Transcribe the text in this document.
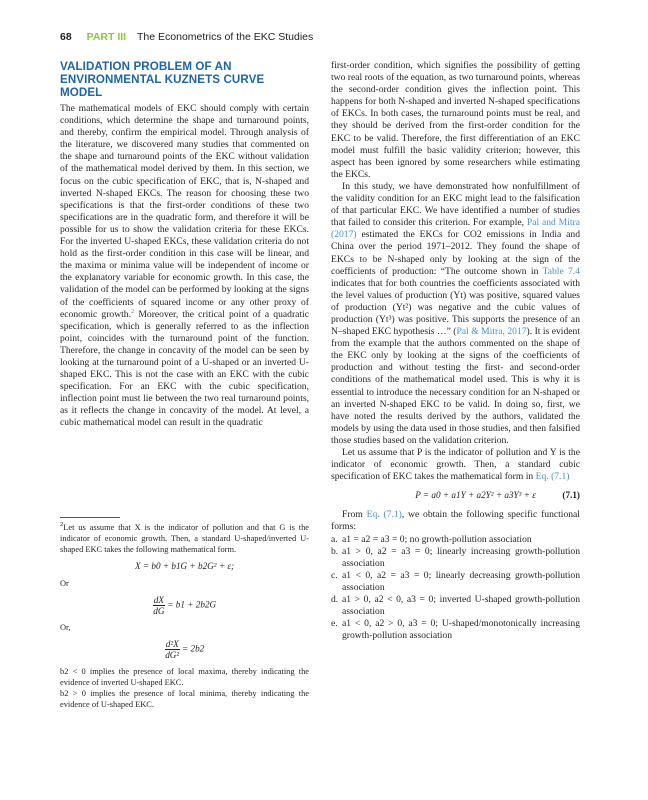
68 PART III The Econometrics of the EKC Studies
VALIDATION PROBLEM OF AN
ENVIRONMENTAL KUZNETS CURVE MODEL

The mathematical models of EKC should comply with certain conditions, which determine the shape and turnaround points, and thereby, confirm the empirical model. Through analysis of the literature, we discovered many studies that commented on the shape and turnaround points of the EKC without validation of the mathematical model derived by them. In this section, we focus on the cubic specification of EKC, that is, N-shaped and inverted N-shaped EKCs. The reason for choosing these two specifications is that the first-order conditions of these two specifications are in the quadratic form, and therefore it will be possible for us to show the validation criteria for these EKCs. For the inverted U-shaped EKCs, these validation criteria do not hold as the first-order condition in this case will be linear, and the maxima or minima value will be independent of income or the explanatory variable for economic growth. In this case, the validation of the model can be performed by looking at the signs of the coefficients of squared income or any other proxy of economic growth.$^2$ Moreover, the critical point of a quadratic specification, which is generally referred to as the inflection point, coincides with the turnaround point of the function. Therefore, the change in concavity of the model can be seen by looking at the turnaround point of a U-shaped or an inverted U-shaped EKC. This is not the case with an EKC with the cubic specification. For an EKC with the cubic specification, inflection point must lie between the two real turnaround points, as it reflects the change in concavity of the model. At level, a cubic mathematical model can result in the quadratic

$^2$Let us assume that X is the indicator of pollution and that G is the indicator of economic growth. Then, a standard U-shaped/inverted U-shaped EKC takes the following mathematical form.

X = b0 + b1G + b2G² + ε;
Or
$\frac{dX}{dG} = b1 + 2b2G$
Or,
$\frac{\text{d²X}}{\text{dG²}} = 2b2$

b2 < 0 implies the presence of local maxima, thereby indicating the evidence of inverted U-shaped EKC.

b2 > 0 implies the presence of local minima, thereby indicating the evidence of U-shaped EKC.

first-order condition, which signifies the possibility of getting two real roots of the equation, as two turnaround points, whereas the second-order condition gives the inflection point. This happens for both N-shaped and inverted N-shaped specifications of EKCs. In both cases, the turnaround points must be real, and they should be derived from the first-order condition for the EKC to be valid. Therefore, the first differentiation of an EKC model must fulfill the basic validity criterion; however, this aspect has been ignored by some researchers while estimating the EKCs.

In this study, we have demonstrated how nonfulfillment of the validity condition for an EKC might lead to the falsification of that particular EKC. We have identified a number of studies that failed to consider this criterion. For example, Pal and Mitra (2017) estimated the EKCs for CO2 emissions in India and China over the period 1971–2012. They found the shape of EKCs to be N-shaped only by looking at the sign of the coefficients of production: “The outcome shown in Table 7.4 indicates that for both countries the coefficients associated with the level values of production (Yt) was positive, squared values of production (Yt²) was negative and the cubic values of production (Yt³) was positive. This supports the presence of an N–shaped EKC hypothesis …” (Pal & Mitra, 2017). It is evident from the example that the authors commented on the shape of the EKC only by looking at the signs of the coefficients of production and without testing the first- and second-order conditions of the mathematical model used. This is why it is essential to introduce the necessary condition for an N-shaped or an inverted N-shaped EKC to be valid. In doing so, first, we have noted the results derived by the authors, validated the models by using the data used in those studies, and then falsified those studies based on the validation criterion.

Let us assume that P is the indicator of pollution and Y is the indicator of economic growth. Then, a standard cubic specification of EKC takes the mathematical form in Eq. (7.1)

P = a0 + a1Y + a2Y² + a3Y³ + ε	(7.1)

From Eq. (7.1), we obtain the following specific functional forms:

a. a1 = a2 = a3 = 0; no growth-pollution association
b. a1 > 0, a2 = a3 = 0; linearly increasing growth-pollution association
c. a1 < 0, a2 = a3 = 0; linearly decreasing growth-pollution association
d. a1 > 0, a2 < 0, a3 = 0; inverted U-shaped growth-pollution association
e. a1 < 0, a2 > 0, a3 = 0; U-shaped/monotonically increasing growth-pollution association
